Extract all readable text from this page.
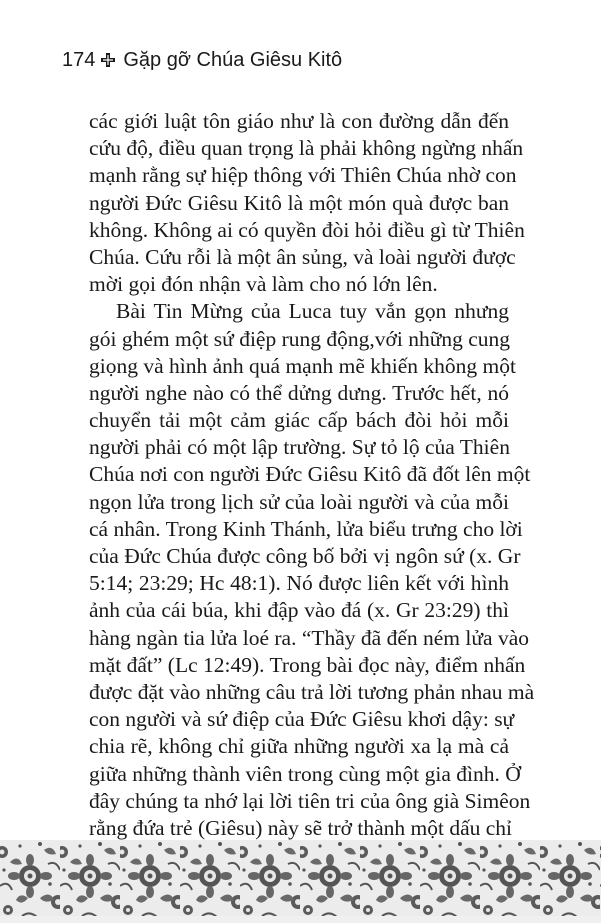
174 Gặp gỡ Chúa Giêsu Kitô
các giới luật tôn giáo như là con đường dẫn đến
cứu độ, điều quan trọng là phải không ngừng nhấn
mạnh rằng sự hiệp thông với Thiên Chúa nhờ con
người Đức Giêsu Kitô là một món quà được ban
không. Không ai có quyền đòi hỏi điều gì từ Thiên
Chúa. Cứu rỗi là một ân sủng, và loài người được
mời gọi đón nhận và làm cho nó lớn lên.
Bài Tin Mừng của Luca tuy vắn gọn nhưng
gói ghém một sứ điệp rung động,với những cung
giọng và hình ảnh quá mạnh mẽ khiến không một
người nghe nào có thể dửng dưng. Trước hết, nó
chuyển tải một cảm giác cấp bách đòi hỏi mỗi
người phải có một lập trường. Sự tỏ lộ của Thiên
Chúa nơi con người Đức Giêsu Kitô đã đốt lên một
ngọn lửa trong lịch sử của loài người và của mỗi
cá nhân. Trong Kinh Thánh, lửa biểu trưng cho lời
của Đức Chúa được công bố bởi vị ngôn sứ (x. Gr
5:14; 23:29; Hc 48:1). Nó được liên kết với hình
ảnh của cái búa, khi đập vào đá (x. Gr 23:29) thì
hàng ngàn tia lửa loé ra. “Thầy đã đến ném lửa vào
mặt đất” (Lc 12:49). Trong bài đọc này, điểm nhấn
được đặt vào những câu trả lời tương phản nhau mà
con người và sứ điệp của Đức Giêsu khơi dậy: sự
chia rẽ, không chỉ giữa những người xa lạ mà cả
giữa những thành viên trong cùng một gia đình. Ở
đây chúng ta nhớ lại lời tiên tri của ông già Simêon
rằng đứa trẻ (Giêsu) này sẽ trở thành một dấu chỉ
